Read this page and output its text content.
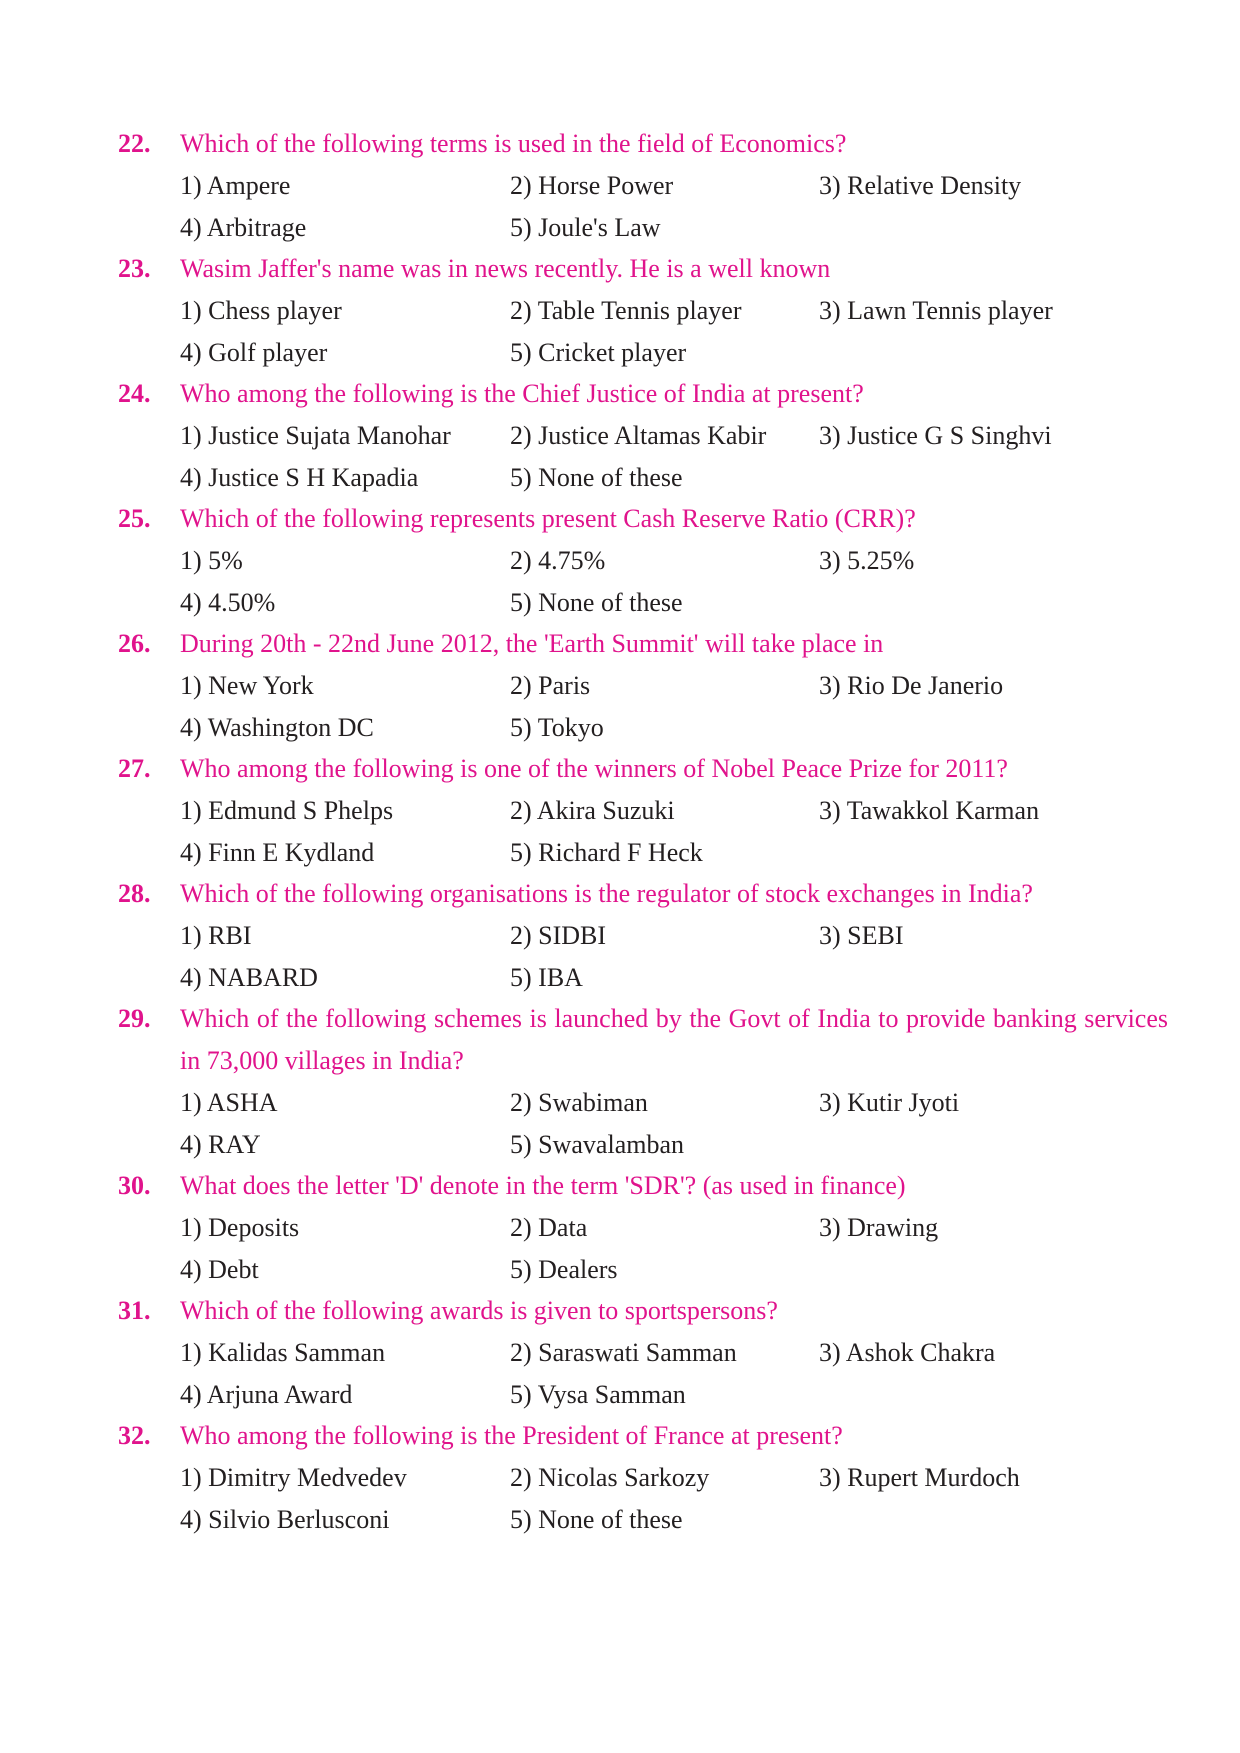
22.	Which of the following terms is used in the field of Economics?
1) Ampere	2) Horse Power	3) Relative Density
4) Arbitrage	5) Joule's Law
23.	Wasim Jaffer's name was in news recently. He is a well known
1) Chess player	2) Table Tennis player	3) Lawn Tennis player
4) Golf player	5) Cricket player
24.	Who among the following is the Chief Justice of India at present?
1) Justice Sujata Manohar	2) Justice Altamas Kabir	3) Justice G S Singhvi
4) Justice S H Kapadia	5) None of these
25.	Which of the following represents present Cash Reserve Ratio (CRR)?
1) 5%	2) 4.75%	3) 5.25%
4) 4.50%	5) None of these
26.	During 20th - 22nd June 2012, the 'Earth Summit' will take place in
1) New York	2) Paris	3) Rio De Janerio
4) Washington DC	5) Tokyo
27.	Who among the following is one of the winners of Nobel Peace Prize for 2011?
1) Edmund S Phelps	2) Akira Suzuki	3) Tawakkol Karman
4) Finn E Kydland	5) Richard F Heck
28.	Which of the following organisations is the regulator of stock exchanges in India?
1) RBI	2) SIDBI	3) SEBI
4) NABARD	5) IBA
29.	Which of the following schemes is launched by the Govt of India to provide banking services in 73,000 villages in India?
1) ASHA	2) Swabiman	3) Kutir Jyoti
4) RAY	5) Swavalamban
30.	What does the letter 'D' denote in the term 'SDR'? (as used in finance)
1) Deposits	2) Data	3) Drawing
4) Debt	5) Dealers
31.	Which of the following awards is given to sportspersons?
1) Kalidas Samman	2) Saraswati Samman	3) Ashok Chakra
4) Arjuna Award	5) Vysa Samman
32.	Who among the following is the President of France at present?
1) Dimitry Medvedev	2) Nicolas Sarkozy	3) Rupert Murdoch
4) Silvio Berlusconi	5) None of these
